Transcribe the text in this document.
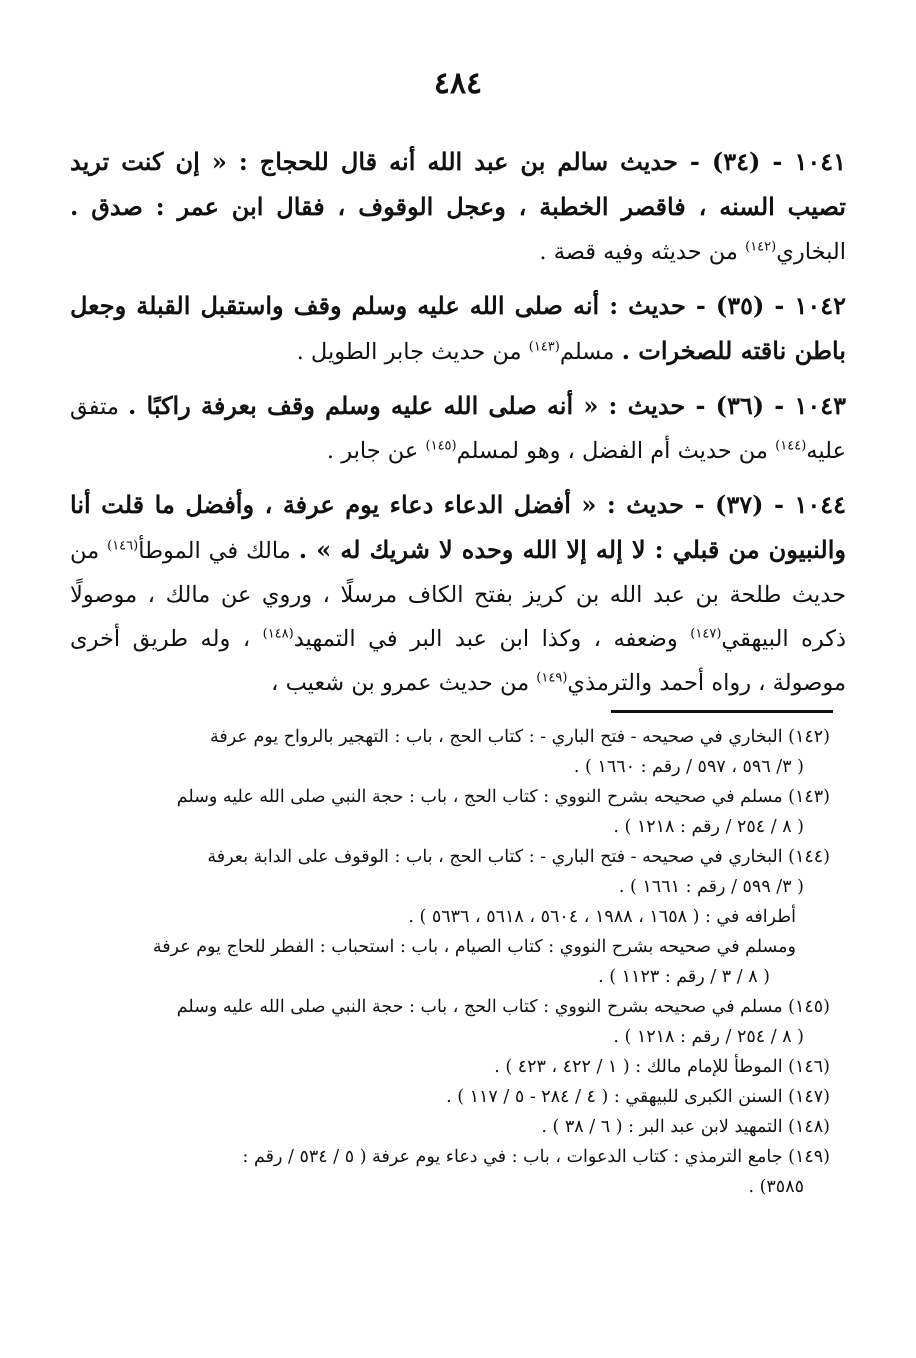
٤٨٤

١٠٤١ - (٣٤) - حديث سالم بن عبد الله أنه قال للحجاج : « إن كنت تريد تصيب السنه ، فاقصر الخطبة ، وعجل الوقوف ، فقال ابن عمر : صدق . البخاري$^{(١٤٢)}$ من حديثه وفيه قصة .

١٠٤٢ - (٣٥) - حديث : أنه صلى الله عليه وسلم وقف واستقبل القبلة وجعل باطن ناقته للصخرات . مسلم$^{(١٤٣)}$ من حديث جابر الطويل .

١٠٤٣ - (٣٦) - حديث : « أنه صلى الله عليه وسلم وقف بعرفة راكبًا . متفق عليه$^{(١٤٤)}$ من حديث أم الفضل ، وهو لمسلم$^{(١٤٥)}$ عن جابر .

١٠٤٤ - (٣٧) - حديث : « أفضل الدعاء دعاء يوم عرفة ، وأفضل ما قلت أنا والنبيون من قبلي : لا إله إلا الله وحده لا شريك له » . مالك في الموطأ$^{(١٤٦)}$ من حديث طلحة بن عبد الله بن كريز بفتح الكاف مرسلًا ، وروي عن مالك ، موصولًا ذكره البيهقي$^{(١٤٧)}$ وضعفه ، وكذا ابن عبد البر في التمهيد$^{(١٤٨)}$ ، وله طريق أخرى موصولة ، رواه أحمد والترمذي$^{(١٤٩)}$ من حديث عمرو بن شعيب ،

(١٤٢) البخاري في صحيحه - فتح الباري - : كتاب الحج ، باب : التهجير بالرواح يوم عرفة
( ٣/ ٥٩٦ ، ٥٩٧ / رقم : ١٦٦٠ ) .

(١٤٣) مسلم في صحيحه بشرح النووي : كتاب الحج ، باب : حجة النبي صلى الله عليه وسلم
( ٨ / ٢٥٤ / رقم : ١٢١٨ ) .

(١٤٤) البخاري في صحيحه - فتح الباري - : كتاب الحج ، باب : الوقوف على الدابة بعرفة
( ٣/ ٥٩٩ / رقم : ١٦٦١ ) .

أطرافه في : ( ١٦٥٨ ، ١٩٨٨ ، ٥٦٠٤ ، ٥٦١٨ ، ٥٦٣٦ ) .

ومسلم في صحيحه بشرح النووي : كتاب الصيام ، باب : استحباب : الفطر للحاج يوم عرفة
( ٨ / ٣ / رقم : ١١٢٣ ) .

(١٤٥) مسلم في صحيحه بشرح النووي : كتاب الحج ، باب : حجة النبي صلى الله عليه وسلم
( ٨ / ٢٥٤ / رقم : ١٢١٨ ) .

(١٤٦) الموطأ للإمام مالك : ( ١ / ٤٢٢ ، ٤٢٣ ) .

(١٤٧) السنن الكبرى للبيهقي : ( ٤ / ٢٨٤ - ٥ / ١١٧ ) .

(١٤٨) التمهيد لابن عبد البر : ( ٦ / ٣٨ ) .

(١٤٩) جامع الترمذي : كتاب الدعوات ، باب : في دعاء يوم عرفة ( ٥ / ٥٣٤ / رقم :
٣٥٨٥) .
